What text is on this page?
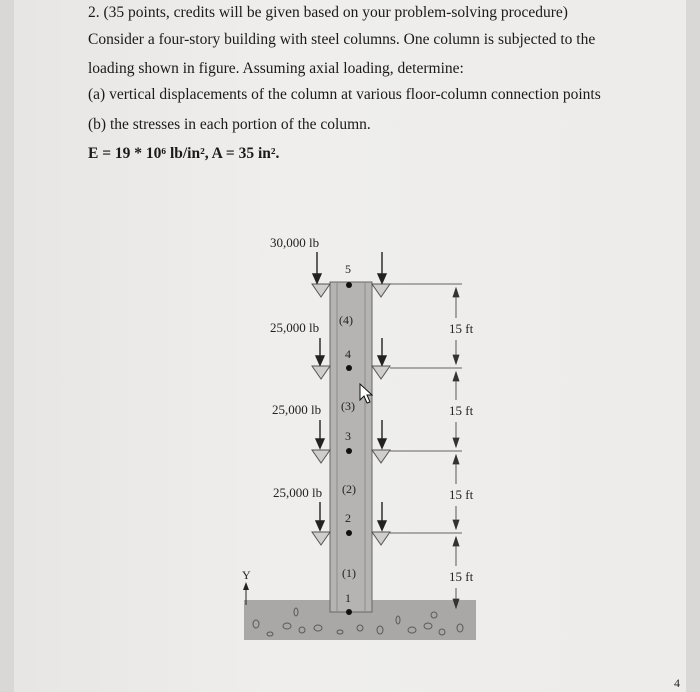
2. (35 points, credits will be given based on your problem-solving procedure)
Consider a four-story building with steel columns. One column is subjected to the
loading shown in figure. Assuming axial loading, determine:
(a) vertical displacements of the column at various floor-column connection points
(b) the stresses in each portion of the column.
E = 19 * 10⁶ lb/in², A = 35 in².
30,000 lb
25,000 lb
25,000 lb
25,000 lb
5
4
3
2
1
(4)
(3)
(2)
(1)
15 ft
15 ft
15 ft
15 ft
Y
4
